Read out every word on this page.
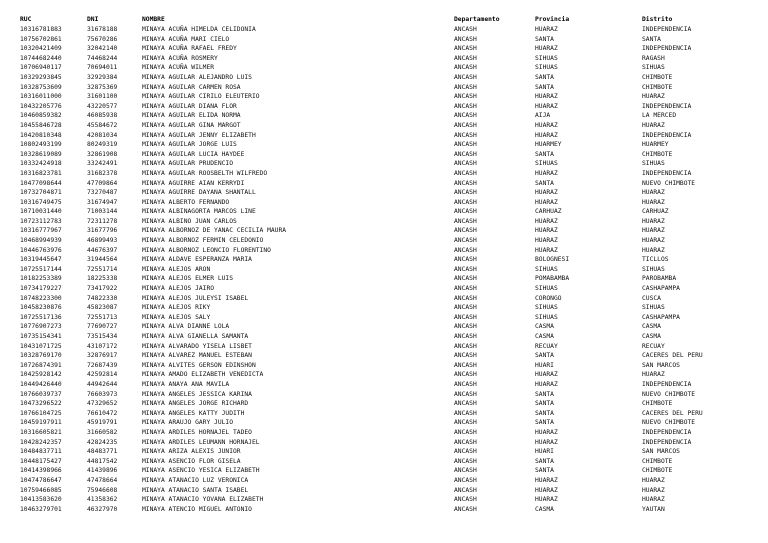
RUC	DNI	NOMBRE	Departamento	Provincia	Distrito
10316781883	31678188	MINAYA ACUÑA HIMELDA CELIDONIA	ANCASH	HUARAZ	INDEPENDENCIA
10756702861	75670286	MINAYA ACUÑA MARI CIELO	ANCASH	SANTA	SANTA
10320421409	32042140	MINAYA ACUÑA RAFAEL FREDY	ANCASH	HUARAZ	INDEPENDENCIA
10744682440	74468244	MINAYA ACUÑA ROSMERY	ANCASH	SIHUAS	RAGASH
10706940117	70694011	MINAYA ACUÑA WILMER	ANCASH	SIHUAS	SIHUAS
10329293845	32929384	MINAYA AGUILAR ALEJANDRO LUIS	ANCASH	SANTA	CHIMBOTE
10328753609	32875369	MINAYA AGUILAR CARMEN ROSA	ANCASH	SANTA	CHIMBOTE
10316011000	31601100	MINAYA AGUILAR CIRILO ELEUTERIO	ANCASH	HUARAZ	HUARAZ
10432205776	43220577	MINAYA AGUILAR DIANA FLOR	ANCASH	HUARAZ	INDEPENDENCIA
10460859382	46085938	MINAYA AGUILAR ELIDA NORMA	ANCASH	AIJA	LA MERCED
10455846728	45584672	MINAYA AGUILAR GINA MARGOT	ANCASH	HUARAZ	HUARAZ
10420810348	42081034	MINAYA AGUILAR JENNY ELIZABETH	ANCASH	HUARAZ	INDEPENDENCIA
10802493199	80249319	MINAYA AGUILAR JORGE LUIS	ANCASH	HUARMEY	HUARMEY
10328619089	32861908	MINAYA AGUILAR LUCIA HAYDEE	ANCASH	SANTA	CHIMBOTE
10332424918	33242491	MINAYA AGUILAR PRUDENCIO	ANCASH	SIHUAS	SIHUAS
10316823781	31682378	MINAYA AGUILAR ROOSBELTH WILFREDO	ANCASH	HUARAZ	INDEPENDENCIA
10477098644	47709864	MINAYA AGUIRRE AIAN KERRYDI	ANCASH	SANTA	NUEVO CHIMBOTE
10732704871	73270487	MINAYA AGUIRRE DAYANA SHANTALL	ANCASH	HUARAZ	HUARAZ
10316749475	31674947	MINAYA ALBERTO FERNANDO	ANCASH	HUARAZ	HUARAZ
10710031440	71003144	MINAYA ALBINAGORTA MARCOS LINE	ANCASH	CARHUAZ	CARHUAZ
10723112783	72311278	MINAYA ALBINO JUAN CARLOS	ANCASH	HUARAZ	HUARAZ
10316777967	31677796	MINAYA ALBORNOZ DE YANAC CECILIA MAURA	ANCASH	HUARAZ	HUARAZ
10468994939	46899493	MINAYA ALBORNOZ FERMIN CELEDONIO	ANCASH	HUARAZ	HUARAZ
10446763976	44676397	MINAYA ALBORNOZ LEONCIO FLORENTINO	ANCASH	HUARAZ	HUARAZ
10319445647	31944564	MINAYA ALDAVE ESPERANZA MARIA	ANCASH	BOLOGNESI	TICLLOS
10725517144	72551714	MINAYA ALEJOS ARON	ANCASH	SIHUAS	SIHUAS
10182253389	18225338	MINAYA ALEJOS ELMER LUIS	ANCASH	POMABAMBA	PAROBAMBA
10734179227	73417922	MINAYA ALEJOS JAIRO	ANCASH	SIHUAS	CASHAPAMPA
10748223300	74822330	MINAYA ALEJOS JULEYSI ISABEL	ANCASH	CORONGO	CUSCA
10458230876	45823087	MINAYA ALEJOS RIKY	ANCASH	SIHUAS	SIHUAS
10725517136	72551713	MINAYA ALEJOS SALY	ANCASH	SIHUAS	CASHAPAMPA
10776907273	77690727	MINAYA ALVA DIANNE LOLA	ANCASH	CASMA	CASMA
10735154341	73515434	MINAYA ALVA GIANELLA SAMANTA	ANCASH	CASMA	CASMA
10431071725	43107172	MINAYA ALVARADO YISELA LISBET	ANCASH	RECUAY	RECUAY
10328769170	32876917	MINAYA ALVAREZ MANUEL ESTEBAN	ANCASH	SANTA	CACERES DEL PERU
10726874391	72687439	MINAYA ALVITES GERSON EDINSHON	ANCASH	HUARI	SAN MARCOS
10425928142	42592814	MINAYA AMADO ELIZABETH VENEDICTA	ANCASH	HUARAZ	HUARAZ
10449426440	44942644	MINAYA ANAYA ANA MAVILA	ANCASH	HUARAZ	INDEPENDENCIA
10766039737	76603973	MINAYA ANGELES JESSICA KARINA	ANCASH	SANTA	NUEVO CHIMBOTE
10473296522	47329652	MINAYA ANGELES JORGE RICHARD	ANCASH	SANTA	CHIMBOTE
10766104725	76610472	MINAYA ANGELES KATTY JUDITH	ANCASH	SANTA	CACERES DEL PERU
10459197911	45919791	MINAYA ARAUJO GARY JULIO	ANCASH	SANTA	NUEVO CHIMBOTE
10316605821	31660582	MINAYA ARDILES HORNAJEL TADEO	ANCASH	HUARAZ	INDEPENDENCIA
10428242357	42824235	MINAYA ARDILES LEUMANN HORNAJEL	ANCASH	HUARAZ	INDEPENDENCIA
10484837711	48483771	MINAYA ARIZA ALEXIS JUNIOR	ANCASH	HUARI	SAN MARCOS
10448175427	44817542	MINAYA ASENCIO FLOR GISELA	ANCASH	SANTA	CHIMBOTE
10414398966	41439896	MINAYA ASENCIO YESICA ELIZABETH	ANCASH	SANTA	CHIMBOTE
10474786647	47478664	MINAYA ATANACIO LUZ VERONICA	ANCASH	HUARAZ	HUARAZ
10759466085	75946608	MINAYA ATANACIO SANTA ISABEL	ANCASH	HUARAZ	HUARAZ
10413583620	41358362	MINAYA ATANACIO YOVANA ELIZABETH	ANCASH	HUARAZ	HUARAZ
10463279701	46327970	MINAYA ATENCIO MIGUEL ANTONIO	ANCASH	CASMA	YAUTAN
